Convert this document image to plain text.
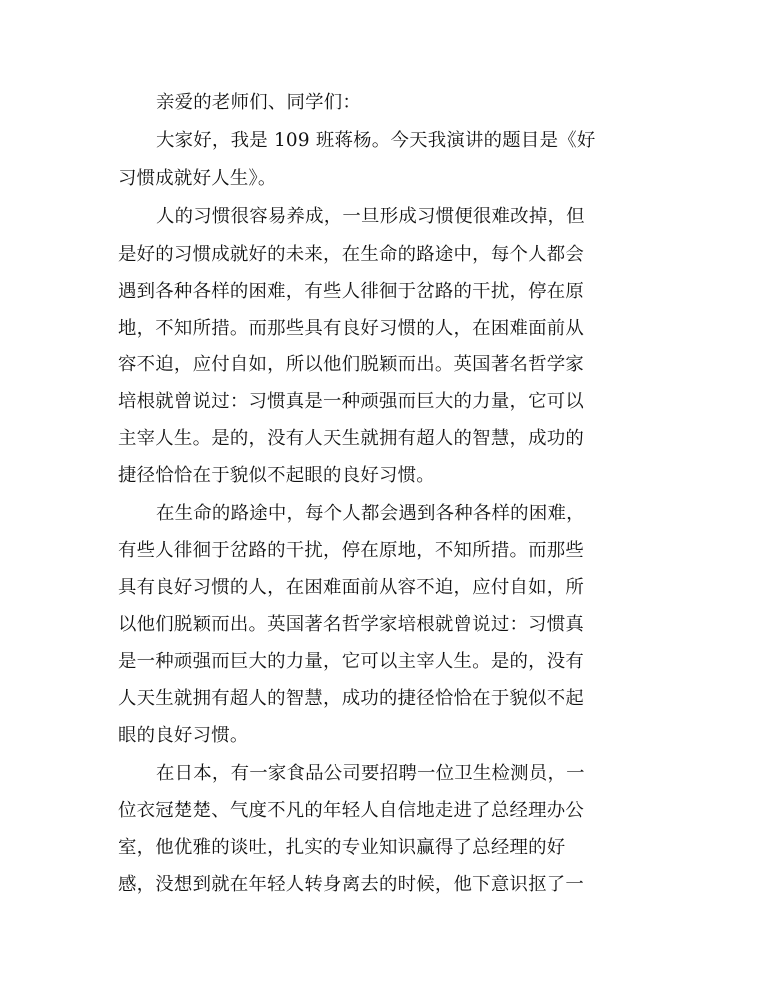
亲爱的老师们、同学们：
大家好，我是 109 班蒋杨。今天我演讲的题目是《好
习惯成就好人生》。
人的习惯很容易养成，一旦形成习惯便很难改掉，但
是好的习惯成就好的未来，在生命的路途中，每个人都会
遇到各种各样的困难，有些人徘徊于岔路的干扰，停在原
地，不知所措。而那些具有良好习惯的人，在困难面前从
容不迫，应付自如，所以他们脱颖而出。英国著名哲学家
培根就曾说过：习惯真是一种顽强而巨大的力量，它可以
主宰人生。是的，没有人天生就拥有超人的智慧，成功的
捷径恰恰在于貌似不起眼的良好习惯。
在生命的路途中，每个人都会遇到各种各样的困难，
有些人徘徊于岔路的干扰，停在原地，不知所措。而那些
具有良好习惯的人，在困难面前从容不迫，应付自如，所
以他们脱颖而出。英国著名哲学家培根就曾说过：习惯真
是一种顽强而巨大的力量，它可以主宰人生。是的，没有
人天生就拥有超人的智慧，成功的捷径恰恰在于貌似不起
眼的良好习惯。
在日本，有一家食品公司要招聘一位卫生检测员，一
位衣冠楚楚、气度不凡的年轻人自信地走进了总经理办公
室，他优雅的谈吐，扎实的专业知识赢得了总经理的好
感，没想到就在年轻人转身离去的时候，他下意识抠了一
